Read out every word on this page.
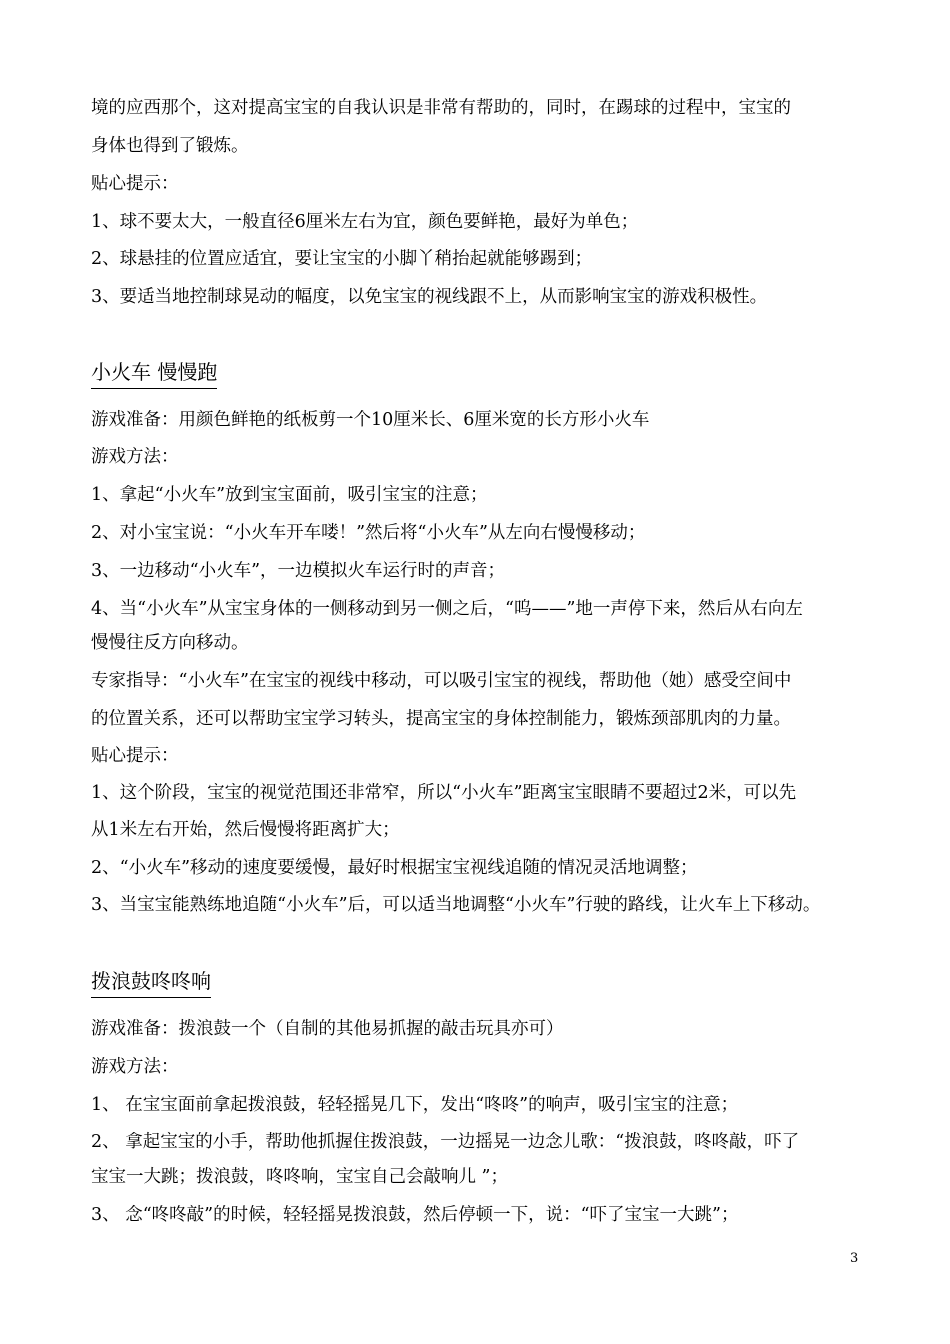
境的应西那个，这对提高宝宝的自我认识是非常有帮助的，同时，在踢球的过程中，宝宝的
身体也得到了锻炼。
贴心提示：
1、球不要太大，一般直径6厘米左右为宜，颜色要鲜艳，最好为单色；
2、球悬挂的位置应适宜，要让宝宝的小脚丫稍抬起就能够踢到；
3、要适当地控制球晃动的幅度，以免宝宝的视线跟不上，从而影响宝宝的游戏积极性。
小火车 慢慢跑
游戏准备：用颜色鲜艳的纸板剪一个10厘米长、6厘米宽的长方形小火车
游戏方法：
1、拿起“小火车”放到宝宝面前，吸引宝宝的注意；
2、对小宝宝说：“小火车开车喽！”然后将“小火车”从左向右慢慢移动；
3、一边移动“小火车”，一边模拟火车运行时的声音；
4、当“小火车”从宝宝身体的一侧移动到另一侧之后，“呜——”地一声停下来，然后从右向左
慢慢往反方向移动。
专家指导：“小火车”在宝宝的视线中移动，可以吸引宝宝的视线，帮助他（她）感受空间中
的位置关系，还可以帮助宝宝学习转头，提高宝宝的身体控制能力，锻炼颈部肌肉的力量。
贴心提示：
1、这个阶段，宝宝的视觉范围还非常窄，所以“小火车”距离宝宝眼睛不要超过2米，可以先
从1米左右开始，然后慢慢将距离扩大；
2、“小火车”移动的速度要缓慢，最好时根据宝宝视线追随的情况灵活地调整；
3、当宝宝能熟练地追随“小火车”后，可以适当地调整“小火车”行驶的路线，让火车上下移动。
拨浪鼓咚咚响
游戏准备：拨浪鼓一个（自制的其他易抓握的敲击玩具亦可）
游戏方法：
1、 在宝宝面前拿起拨浪鼓，轻轻摇晃几下，发出“咚咚”的响声，吸引宝宝的注意；
2、 拿起宝宝的小手，帮助他抓握住拨浪鼓，一边摇晃一边念儿歌：“拨浪鼓，咚咚敲，吓了
宝宝一大跳；拨浪鼓，咚咚响，宝宝自己会敲响儿 ”；
3、 念“咚咚敲”的时候，轻轻摇晃拨浪鼓，然后停顿一下，说：“吓了宝宝一大跳”；
3
